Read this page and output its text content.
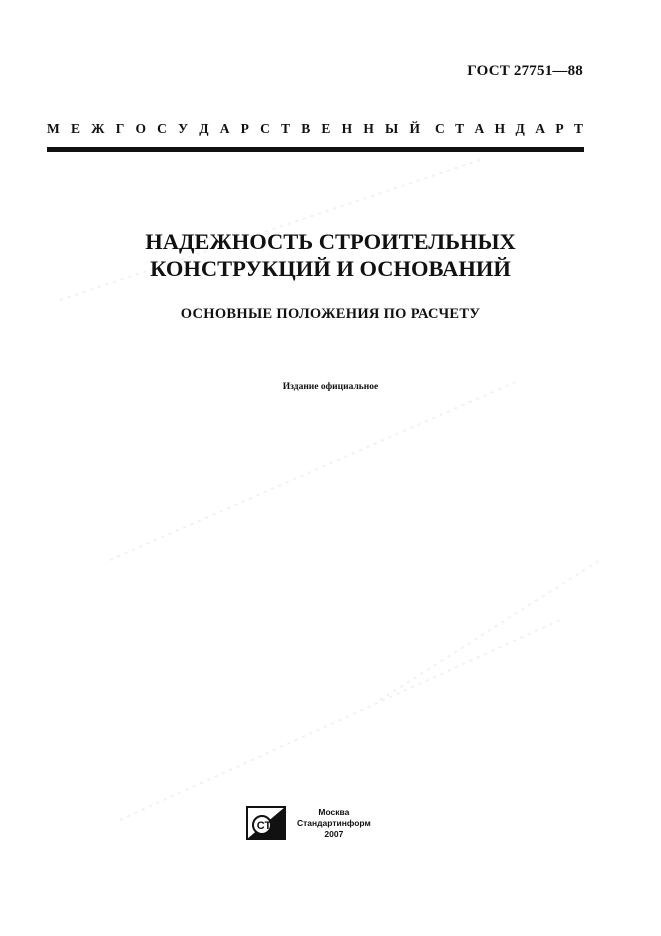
ГОСТ 27751—88
М Е Ж Г О С У Д А Р С Т В Е Н Н Ы Й С Т А Н Д А Р Т
НАДЕЖНОСТЬ СТРОИТЕЛЬНЫХ
КОНСТРУКЦИЙ И ОСНОВАНИЙ
ОСНОВНЫЕ ПОЛОЖЕНИЯ ПО РАСЧЕТУ
Издание официальное
СТ
Москва
Стандартинформ
2007
